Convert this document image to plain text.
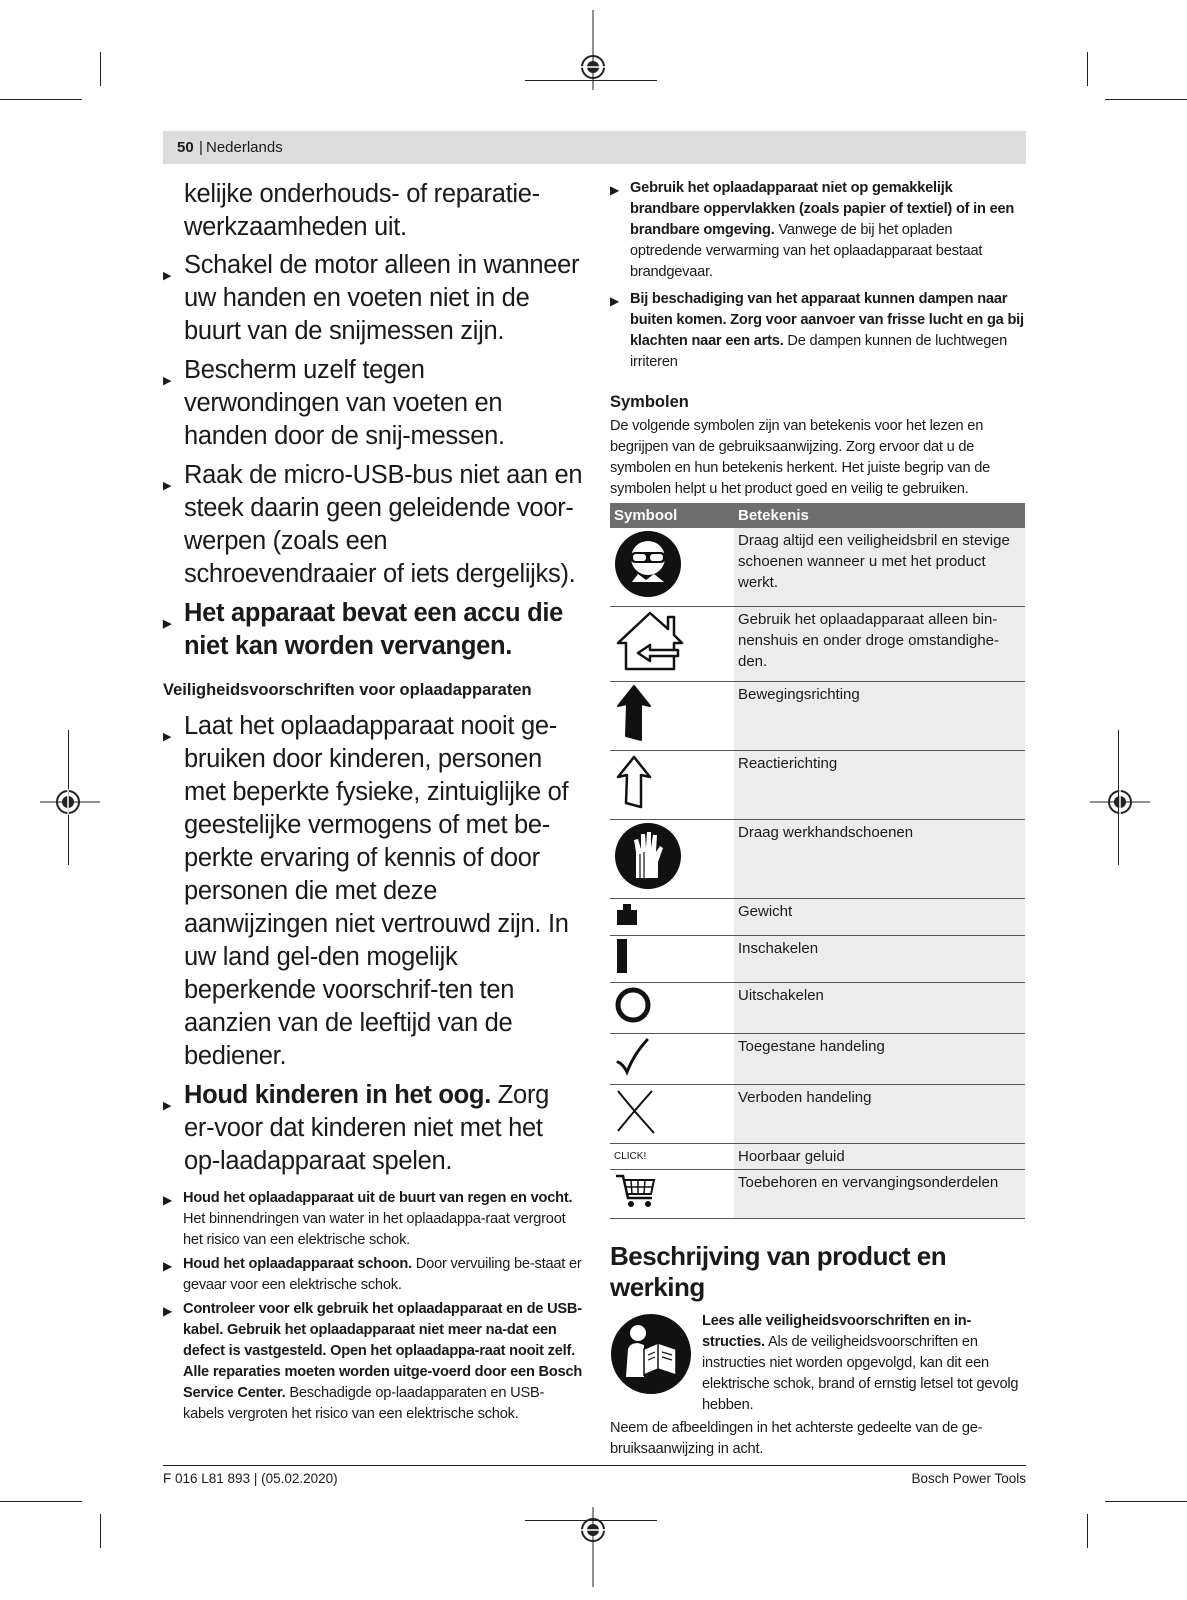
50 | Nederlands
kelijke onderhouds- of reparatie-werkzaamheden uit.
▶ Schakel de motor alleen in wanneer uw handen en voeten niet in de buurt van de snijmessen zijn.
▶ Bescherm uzelf tegen verwondingen van voeten en handen door de snij-messen.
▶ Raak de micro-USB-bus niet aan en steek daarin geen geleidende voor-werpen (zoals een schroevendraaier of iets dergelijks).
▶ Het apparaat bevat een accu die niet kan worden vervangen.
Veiligheidsvoorschriften voor oplaadapparaten
▶ Laat het oplaadapparaat nooit ge-bruiken door kinderen, personen met beperkte fysieke, zintuiglijke of geestelijke vermogens of met be-perkte ervaring of kennis of door personen die met deze aanwijzingen niet vertrouwd zijn. In uw land gel-den mogelijk beperkende voorschrif-ten ten aanzien van de leeftijd van de bediener.
▶ Houd kinderen in het oog. Zorg er-voor dat kinderen niet met het op-laadapparaat spelen.
▶ Houd het oplaadapparaat uit de buurt van regen en vocht. Het binnendringen van water in het oplaadappa-raat vergroot het risico van een elektrische schok.
▶ Houd het oplaadapparaat schoon. Door vervuiling be-staat er gevaar voor een elektrische schok.
▶ Controleer voor elk gebruik het oplaadapparaat en de USB-kabel. Gebruik het oplaadapparaat niet meer na-dat een defect is vastgesteld. Open het oplaadappa-raat nooit zelf. Alle reparaties moeten worden uitge-voerd door een Bosch Service Center. Beschadigde op-laadapparaten en USB-kabels vergroten het risico van een elektrische schok.
▶ Gebruik het oplaadapparaat niet op gemakkelijk brandbare oppervlakken (zoals papier of textiel) of in een brandbare omgeving. Vanwege de bij het opladen optredende verwarming van het oplaadapparaat bestaat brandgevaar.
▶ Bij beschadiging van het apparaat kunnen dampen naar buiten komen. Zorg voor aanvoer van frisse lucht en ga bij klachten naar een arts. De dampen kunnen de luchtwegen irriteren
Symbolen
De volgende symbolen zijn van betekenis voor het lezen en begrijpen van de gebruiksaanwijzing. Zorg ervoor dat u de symbolen en hun betekenis herkent. Het juiste begrip van de symbolen helpt u het product goed en veilig te gebruiken.
Symbool	Betekenis
	Draag altijd een veiligheidsbril en stevige schoenen wanneer u met het product werkt.
	Gebruik het oplaadapparaat alleen bin-nenshuis en onder droge omstandighe-den.
	Bewegingsrichting
	Reactierichting
	Draag werkhandschoenen
	Gewicht
	Inschakelen
	Uitschakelen
	Toegestane handeling
	Verboden handeling
CLICK!	Hoorbaar geluid
	Toebehoren en vervangingsonderdelen
Beschrijving van product en werking
Lees alle veiligheidsvoorschriften en in-structies. Als de veiligheidsvoorschriften en instructies niet worden opgevolgd, kan dit een elektrische schok, brand of ernstig letsel tot gevolg hebben.
Neem de afbeeldingen in het achterste gedeelte van de ge-bruiksaanwijzing in acht.
F 016 L81 893 | (05.02.2020)	Bosch Power Tools
